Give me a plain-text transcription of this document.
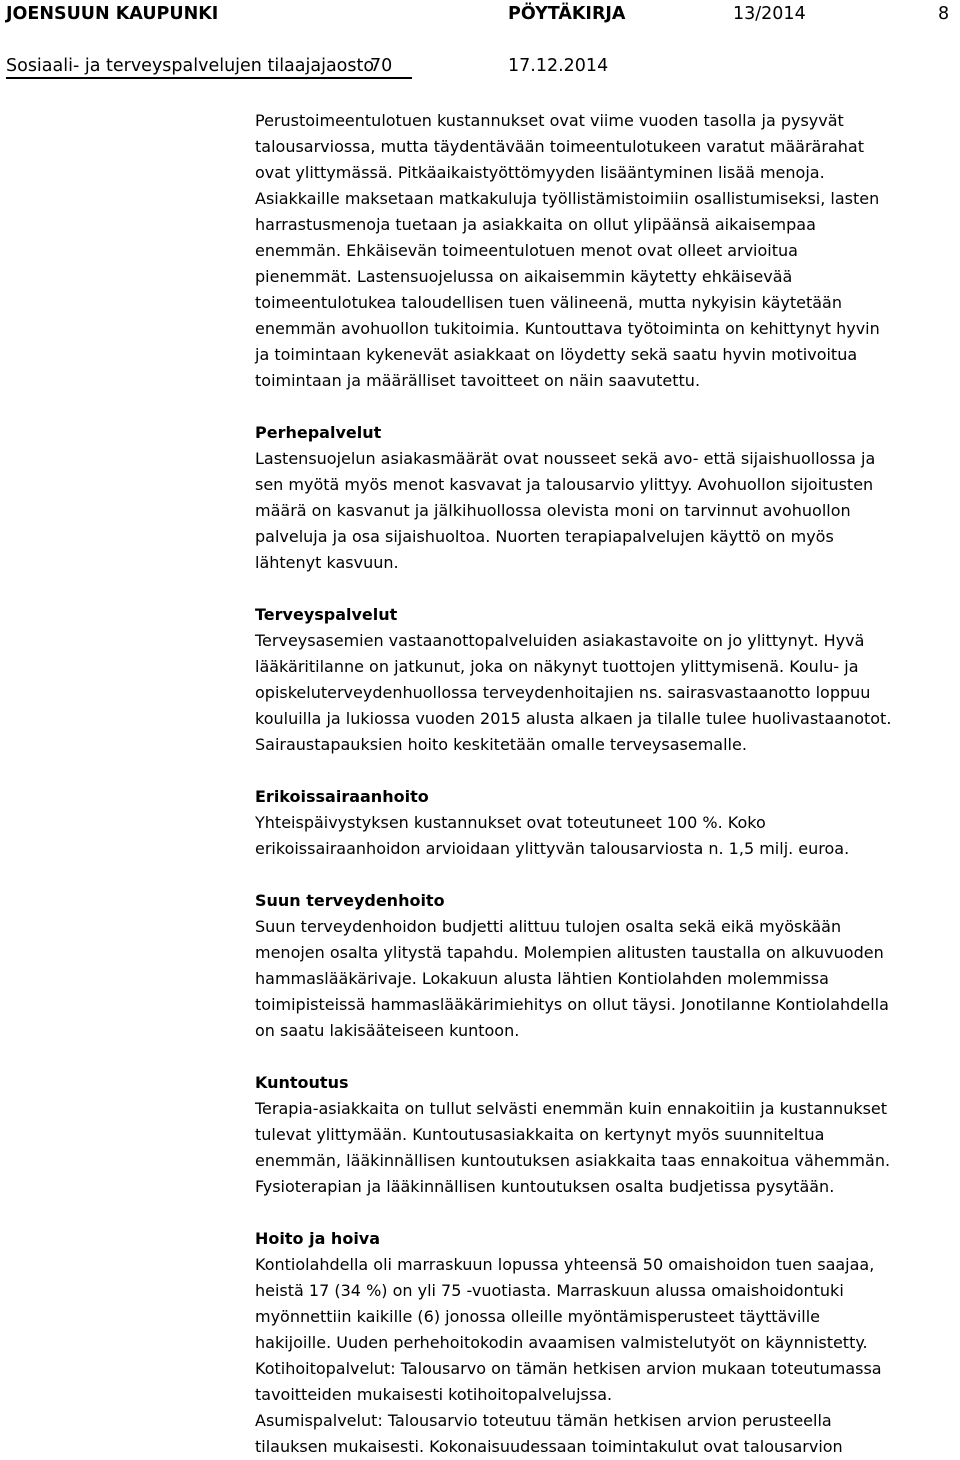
JOENSUUN KAUPUNKI	PÖYTÄKIRJA	13/2014	8
Sosiaali- ja terveyspalvelujen tilaajajaosto
70	17.12.2014

Perustoimeentulotuen kustannukset ovat viime vuoden tasolla ja pysyvät
talousarviossa, mutta täydentävään toimeentulotukeen varatut määrärahat
ovat ylittymässä. Pitkäaikaistyöttömyyden lisääntyminen lisää menoja.
Asiakkaille maksetaan matkakuluja työllistämistoimiin osallistumiseksi, lasten
harrastusmenoja tuetaan ja asiakkaita on ollut ylipäänsä aikaisempaa
enemmän. Ehkäisevän toimeentulotuen menot ovat olleet arvioitua
pienemmät. Lastensuojelussa on aikaisemmin käytetty ehkäisevää
toimeentulotukea taloudellisen tuen välineenä, mutta nykyisin käytetään
enemmän avohuollon tukitoimia. Kuntouttava työtoiminta on kehittynyt hyvin
ja toimintaan kykenevät asiakkaat on löydetty sekä saatu hyvin motivoitua
toimintaan ja määrälliset tavoitteet on näin saavutettu.

Perhepalvelut

Lastensuojelun asiakasmäärät ovat nousseet sekä avo- että sijaishuollossa ja
sen myötä myös menot kasvavat ja talousarvio ylittyy. Avohuollon sijoitusten
määrä on kasvanut ja jälkihuollossa olevista moni on tarvinnut avohuollon
palveluja ja osa sijaishuoltoa. Nuorten terapiapalvelujen käyttö on myös
lähtenyt kasvuun.

Terveyspalvelut

Terveysasemien vastaanottopalveluiden asiakastavoite on jo ylittynyt. Hyvä
lääkäritilanne on jatkunut, joka on näkynyt tuottojen ylittymisenä. Koulu- ja
opiskeluterveydenhuollossa terveydenhoitajien ns. sairasvastaanotto loppuu
kouluilla ja lukiossa vuoden 2015 alusta alkaen ja tilalle tulee huolivastaanotot.
Sairaustapauksien hoito keskitetään omalle terveysasemalle.

Erikoissairaanhoito

Yhteispäivystyksen kustannukset ovat toteutuneet 100 %. Koko
erikoissairaanhoidon arvioidaan ylittyvän talousarviosta n. 1,5 milj. euroa.

Suun terveydenhoito

Suun terveydenhoidon budjetti alittuu tulojen osalta sekä eikä myöskään
menojen osalta ylitystä tapahdu. Molempien alitusten taustalla on alkuvuoden
hammaslääkärivaje. Lokakuun alusta lähtien Kontiolahden molemmissa
toimipisteissä hammaslääkärimiehitys on ollut täysi. Jonotilanne Kontiolahdella
on saatu lakisääteiseen kuntoon.

Kuntoutus

Terapia-asiakkaita on tullut selvästi enemmän kuin ennakoitiin ja kustannukset
tulevat ylittymään. Kuntoutusasiakkaita on kertynyt myös suunniteltua
enemmän, lääkinnällisen kuntoutuksen asiakkaita taas ennakoitua vähemmän.
Fysioterapian ja lääkinnällisen kuntoutuksen osalta budjetissa pysytään.

Hoito ja hoiva

Kontiolahdella oli marraskuun lopussa yhteensä 50 omaishoidon tuen saajaa,
heistä 17 (34 %) on yli 75 -vuotiasta. Marraskuun alussa omaishoidontuki
myönnettiin kaikille (6) jonossa olleille myöntämisperusteet täyttäville
hakijoille. Uuden perhehoitokodin avaamisen valmistelutyöt on käynnistetty.
Kotihoitopalvelut: Talousarvo on tämän hetkisen arvion mukaan toteutumassa
tavoitteiden mukaisesti kotihoitopalvelujssa.
Asumispalvelut: Talousarvio toteutuu tämän hetkisen arvion perusteella
tilauksen mukaisesti. Kokonaisuudessaan toimintakulut ovat talousarvion
